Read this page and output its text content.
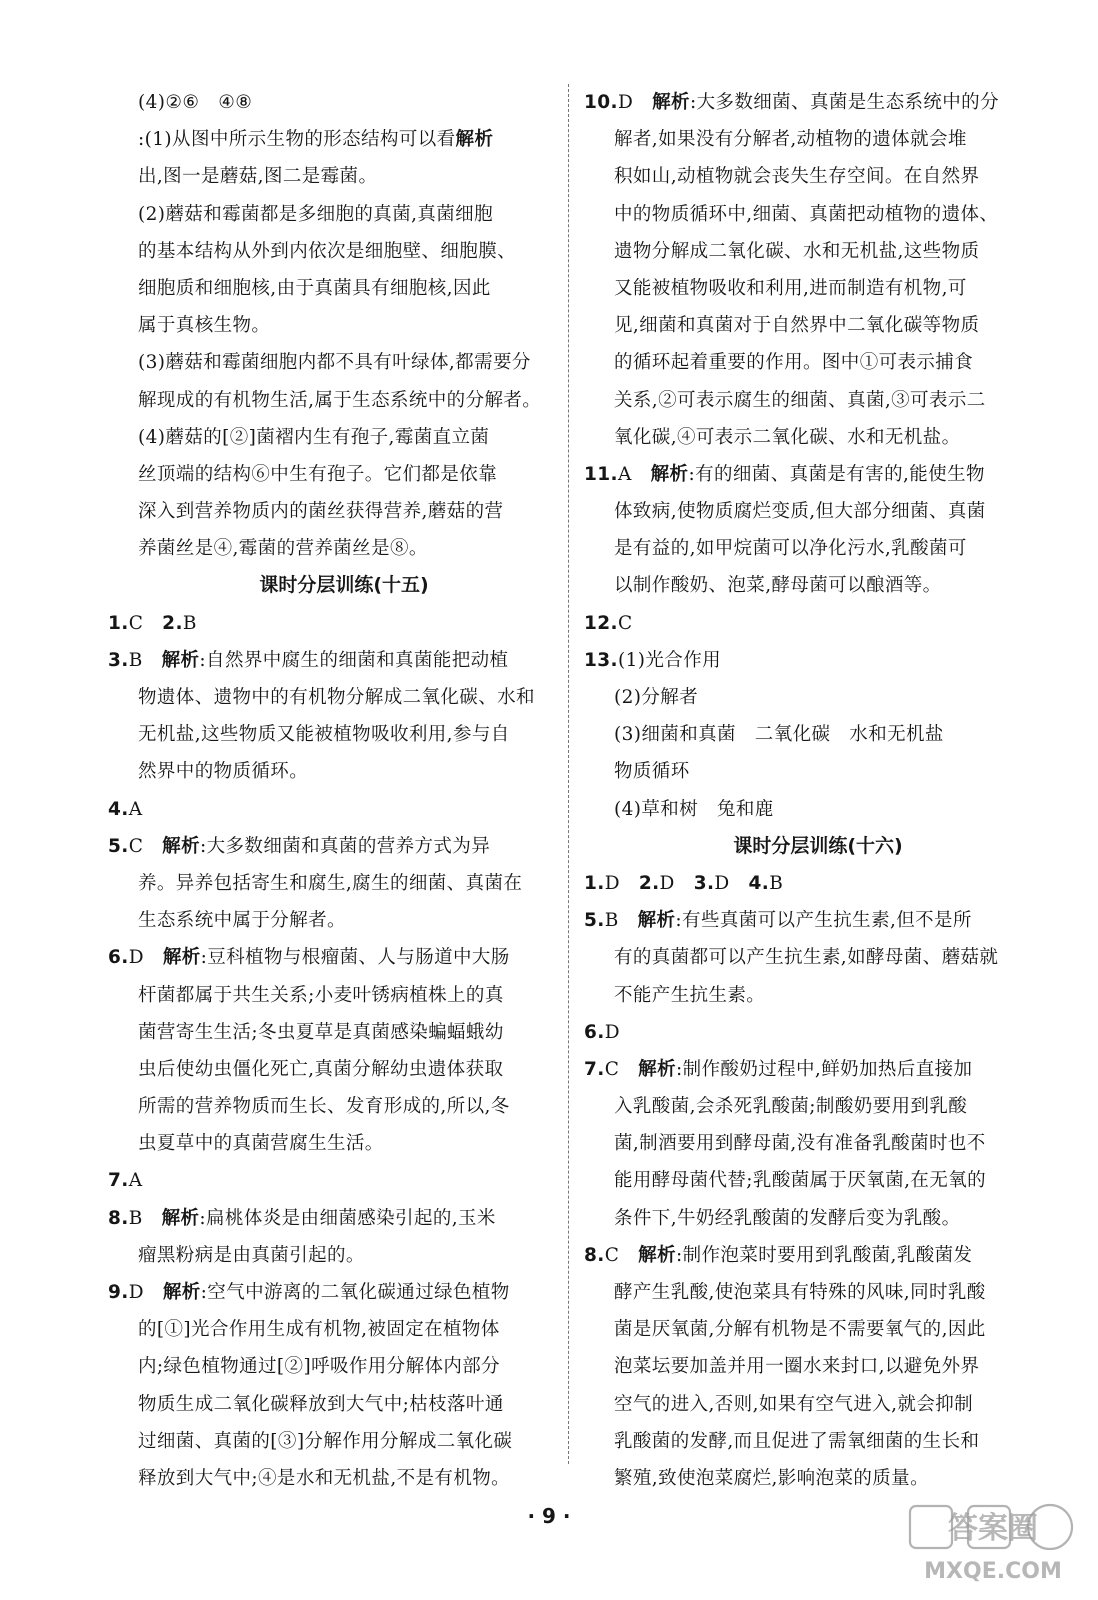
(4)②⑥　④⑧
:(1)从图中所示生物的形态结构可以看解析
出,图一是蘑菇,图二是霉菌。
(2)蘑菇和霉菌都是多细胞的真菌,真菌细胞
的基本结构从外到内依次是细胞壁、细胞膜、
细胞质和细胞核,由于真菌具有细胞核,因此
属于真核生物。
(3)蘑菇和霉菌细胞内都不具有叶绿体,都需要分
解现成的有机物生活,属于生态系统中的分解者。
(4)蘑菇的[②]菌褶内生有孢子,霉菌直立菌
丝顶端的结构⑥中生有孢子。它们都是依靠
深入到营养物质内的菌丝获得营养,蘑菇的营
养菌丝是④,霉菌的营养菌丝是⑧。
课时分层训练(十五)
1.C　2.B
3.B　解析:自然界中腐生的细菌和真菌能把动植
物遗体、遗物中的有机物分解成二氧化碳、水和
无机盐,这些物质又能被植物吸收利用,参与自
然界中的物质循环。
4.A
5.C　解析:大多数细菌和真菌的营养方式为异
养。异养包括寄生和腐生,腐生的细菌、真菌在
生态系统中属于分解者。
6.D　解析:豆科植物与根瘤菌、人与肠道中大肠
杆菌都属于共生关系;小麦叶锈病植株上的真
菌营寄生生活;冬虫夏草是真菌感染蝙蝠蛾幼
虫后使幼虫僵化死亡,真菌分解幼虫遗体获取
所需的营养物质而生长、发育形成的,所以,冬
虫夏草中的真菌营腐生生活。
7.A
8.B　解析:扁桃体炎是由细菌感染引起的,玉米
瘤黑粉病是由真菌引起的。
9.D　解析:空气中游离的二氧化碳通过绿色植物
的[①]光合作用生成有机物,被固定在植物体
内;绿色植物通过[②]呼吸作用分解体内部分
物质生成二氧化碳释放到大气中;枯枝落叶通
过细菌、真菌的[③]分解作用分解成二氧化碳
释放到大气中;④是水和无机盐,不是有机物。
10.D　解析:大多数细菌、真菌是生态系统中的分
解者,如果没有分解者,动植物的遗体就会堆
积如山,动植物就会丧失生存空间。在自然界
中的物质循环中,细菌、真菌把动植物的遗体、
遗物分解成二氧化碳、水和无机盐,这些物质
又能被植物吸收和利用,进而制造有机物,可
见,细菌和真菌对于自然界中二氧化碳等物质
的循环起着重要的作用。图中①可表示捕食
关系,②可表示腐生的细菌、真菌,③可表示二
氧化碳,④可表示二氧化碳、水和无机盐。
11.A　解析:有的细菌、真菌是有害的,能使生物
体致病,使物质腐烂变质,但大部分细菌、真菌
是有益的,如甲烷菌可以净化污水,乳酸菌可
以制作酸奶、泡菜,酵母菌可以酿酒等。
12.C
13.(1)光合作用
(2)分解者
(3)细菌和真菌　二氧化碳　水和无机盐
物质循环
(4)草和树　兔和鹿
课时分层训练(十六)
1.D　2.D　3.D　4.B
5.B　解析:有些真菌可以产生抗生素,但不是所
有的真菌都可以产生抗生素,如酵母菌、蘑菇就
不能产生抗生素。
6.D
7.C　解析:制作酸奶过程中,鲜奶加热后直接加
入乳酸菌,会杀死乳酸菌;制酸奶要用到乳酸
菌,制酒要用到酵母菌,没有准备乳酸菌时也不
能用酵母菌代替;乳酸菌属于厌氧菌,在无氧的
条件下,牛奶经乳酸菌的发酵后变为乳酸。
8.C　解析:制作泡菜时要用到乳酸菌,乳酸菌发
酵产生乳酸,使泡菜具有特殊的风味,同时乳酸
菌是厌氧菌,分解有机物是不需要氧气的,因此
泡菜坛要加盖并用一圈水来封口,以避免外界
空气的进入,否则,如果有空气进入,就会抑制
乳酸菌的发酵,而且促进了需氧细菌的生长和
繁殖,致使泡菜腐烂,影响泡菜的质量。
· 9 ·	答案圈
MXQE.COM
